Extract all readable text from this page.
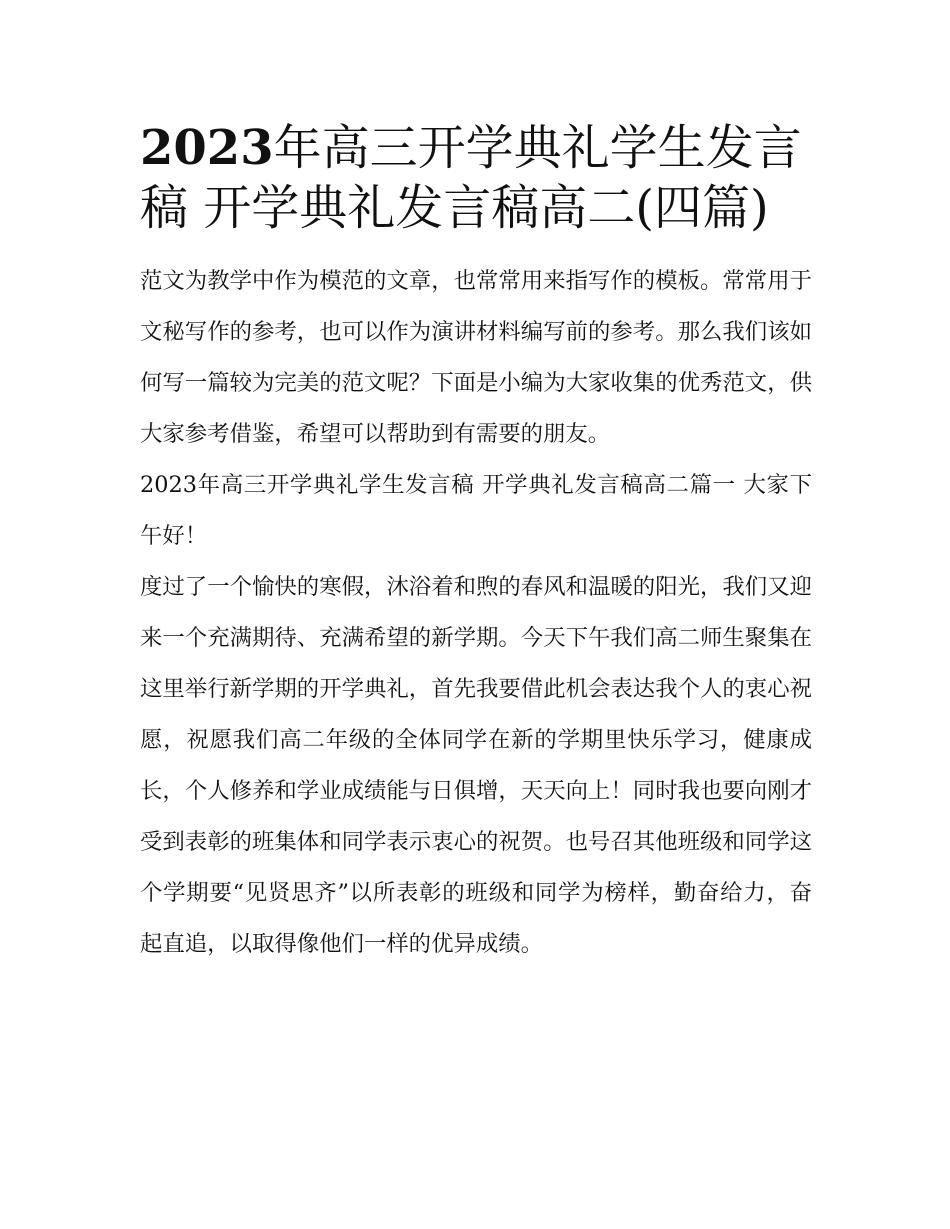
2023年高三开学典礼学生发言稿 开学典礼发言稿高二(四篇)

范文为教学中作为模范的文章，也常常用来指写作的模板。常常用于文秘写作的参考，也可以作为演讲材料编写前的参考。那么我们该如何写一篇较为完美的范文呢？下面是小编为大家收集的优秀范文，供大家参考借鉴，希望可以帮助到有需要的朋友。

2023年高三开学典礼学生发言稿 开学典礼发言稿高二篇一 大家下午好！

度过了一个愉快的寒假，沐浴着和煦的春风和温暖的阳光，我们又迎来一个充满期待、充满希望的新学期。今天下午我们高二师生聚集在这里举行新学期的开学典礼，首先我要借此机会表达我个人的衷心祝愿，祝愿我们高二年级的全体同学在新的学期里快乐学习，健康成长，个人修养和学业成绩能与日俱增，天天向上！同时我也要向刚才受到表彰的班集体和同学表示衷心的祝贺。也号召其他班级和同学这个学期要“见贤思齐”以所表彰的班级和同学为榜样，勤奋给力，奋起直追，以取得像他们一样的优异成绩。
